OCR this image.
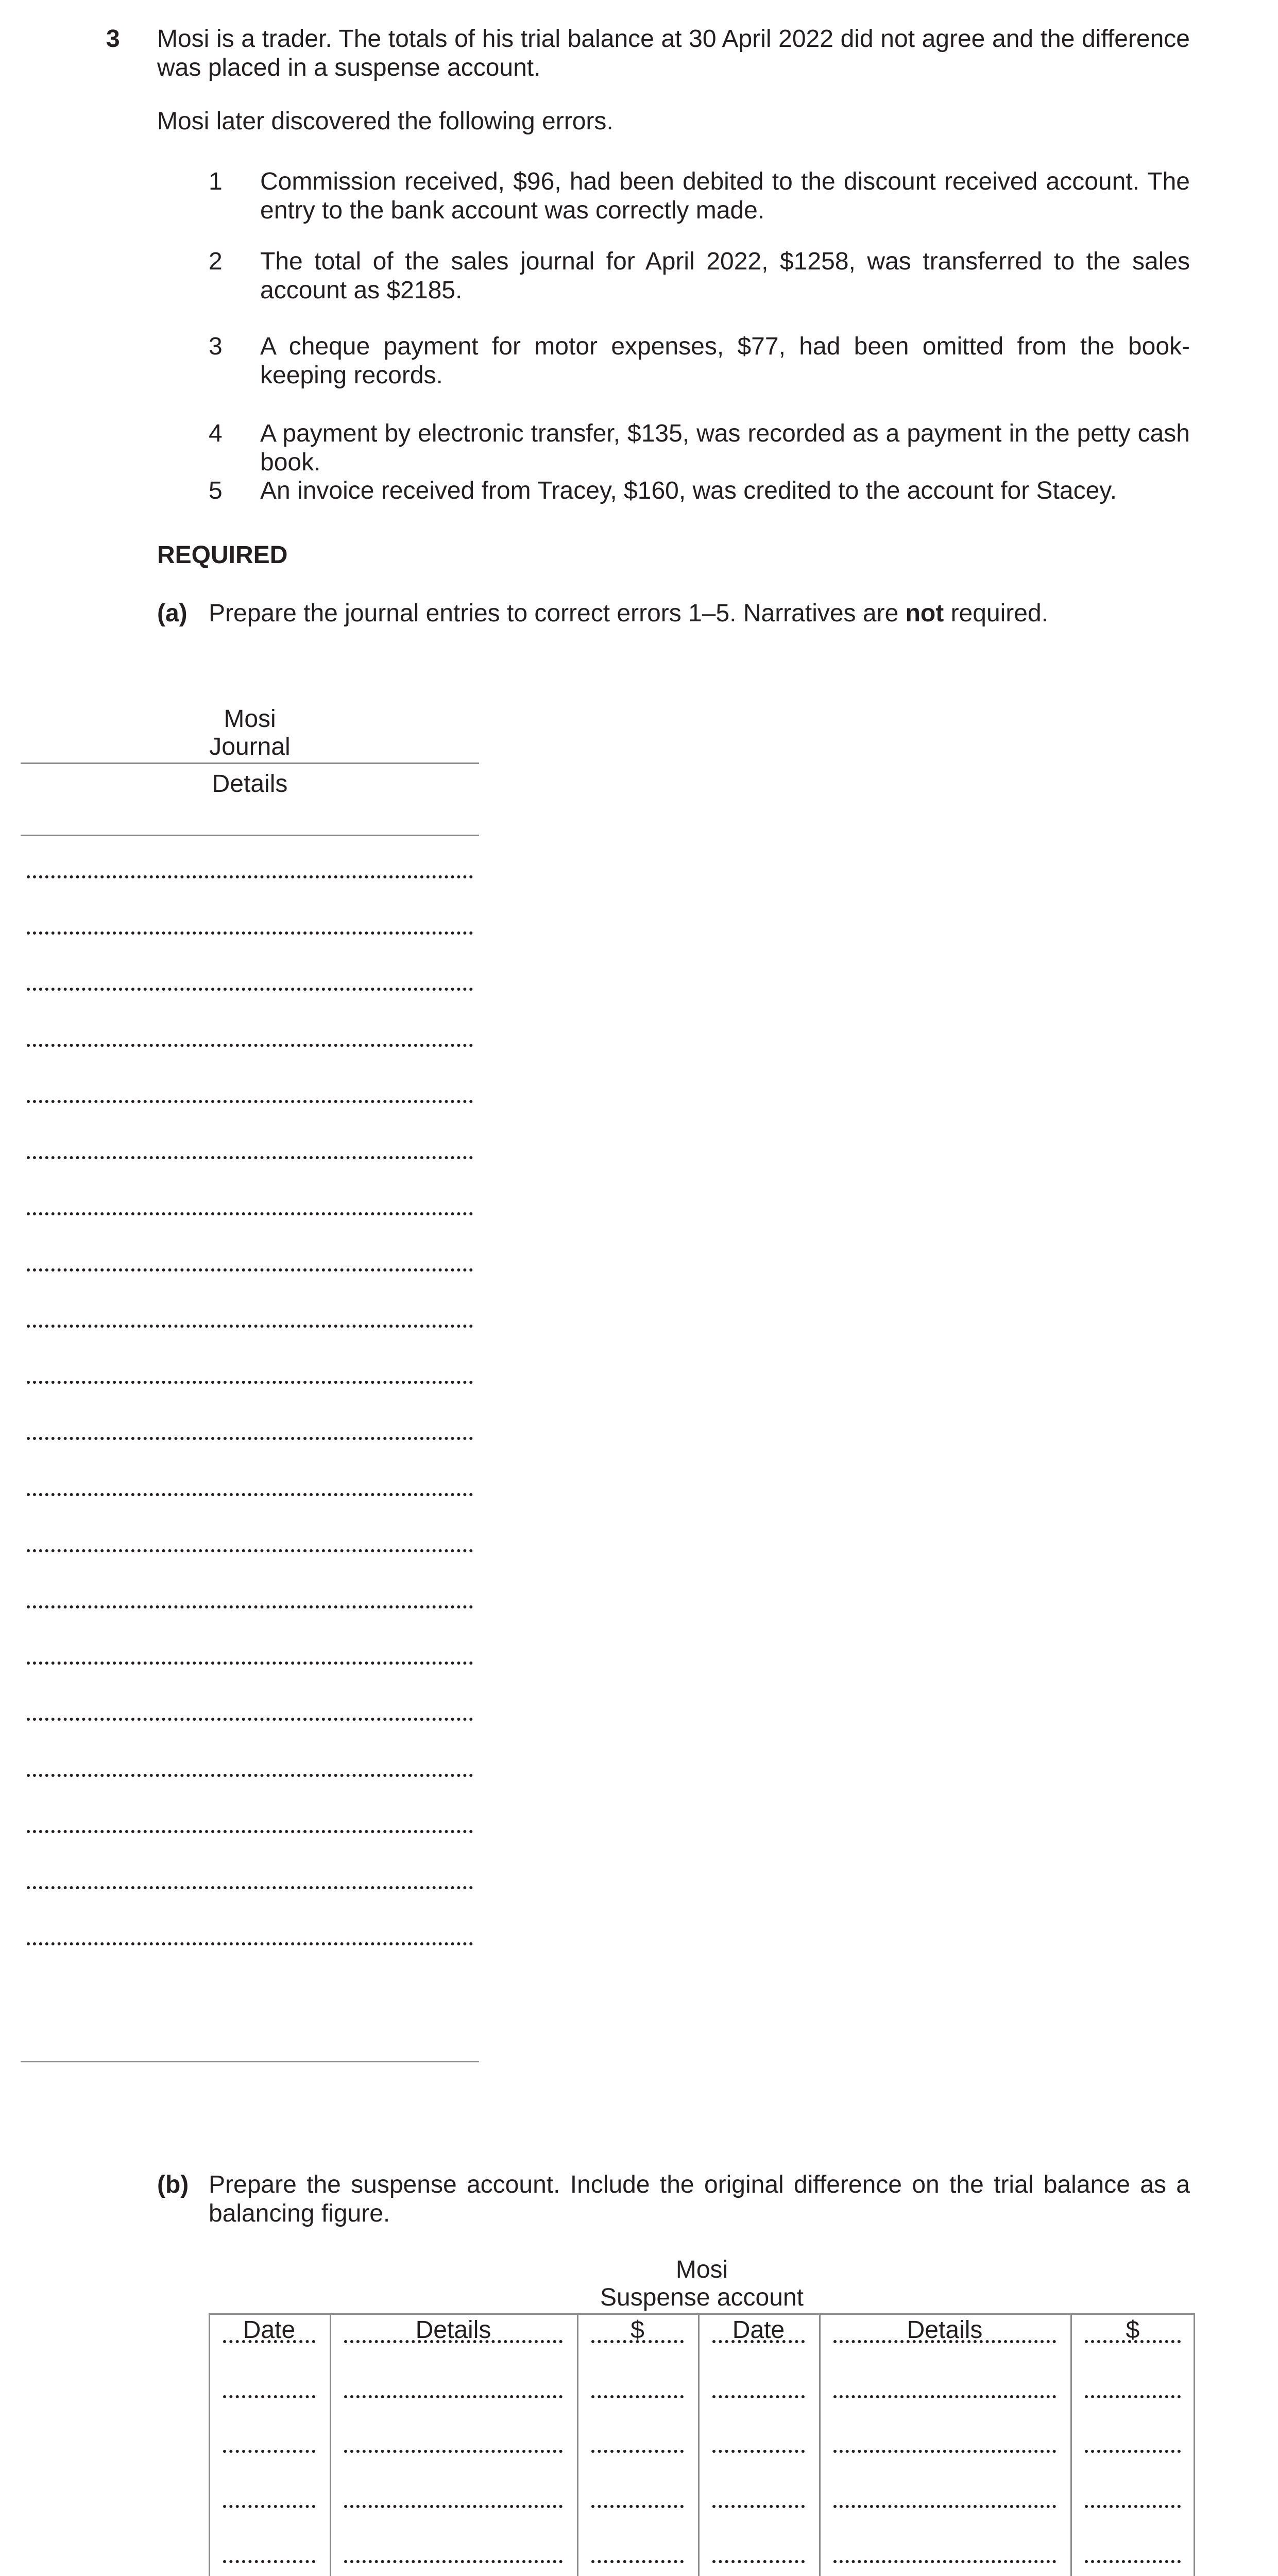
3 Mosi is a trader. The totals of his trial balance at 30 April 2022 did not agree and the difference was placed in a suspense account.
Mosi later discovered the following errors.
1 Commission received, $96, had been debited to the discount received account. The entry to the bank account was correctly made.
2 The total of the sales journal for April 2022, $1258, was transferred to the sales account as $2185.
3 A cheque payment for motor expenses, $77, had been omitted from the book-keeping records.
4 A payment by electronic transfer, $135, was recorded as a payment in the petty cash book.
5 An invoice received from Tracey, $160, was credited to the account for Stacey.
REQUIRED
(a) Prepare the journal entries to correct errors 1–5. Narratives are not required.
Mosi
Journal
Details
(b) Prepare the suspense account. Include the original difference on the trial balance as a balancing figure.
Mosi
Suspense account
Date	Details	$	Date	Details	$
